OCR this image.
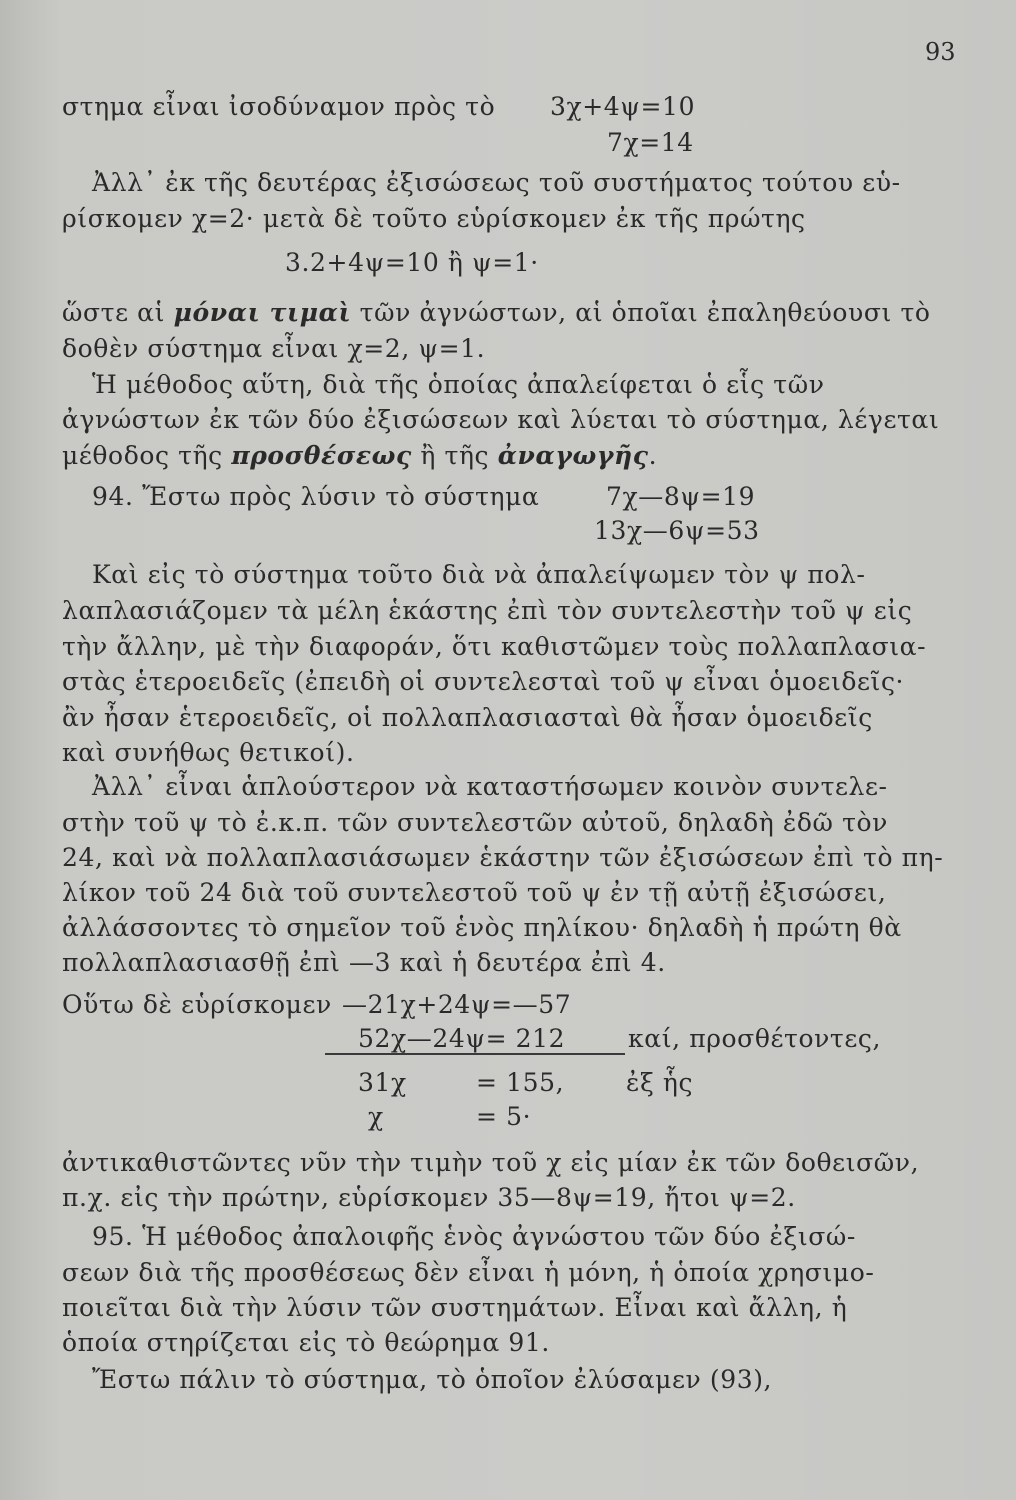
93
στημα εἶναι ἰσοδύναμον πρὸς τὸ 3χ+4ψ=10
7χ=14
Ἀλλ᾽ ἐκ τῆς δευτέρας ἐξισώσεως τοῦ συστήματος τούτου εὑ-
ρίσκομεν χ=2· μετὰ δὲ τοῦτο εὑρίσκομεν ἐκ τῆς πρώτης
3.2+4ψ=10 ἢ ψ=1·
ὥστε αἱ μόναι τιμαὶ τῶν ἀγνώστων, αἱ ὁποῖαι ἐπαληθεύουσι τὸ
δοθὲν σύστημα εἶναι χ=2, ψ=1.
Ἡ μέθοδος αὕτη, διὰ τῆς ὁποίας ἀπαλείφεται ὁ εἷς τῶν
ἀγνώστων ἐκ τῶν δύο ἐξισώσεων καὶ λύεται τὸ σύστημα, λέγεται
μέθοδος τῆς προσθέσεως ἢ τῆς ἀναγωγῆς.
94. Ἔστω πρὸς λύσιν τὸ σύστημα	7χ—8ψ=19
13χ—6ψ=53
Καὶ εἰς τὸ σύστημα τοῦτο διὰ νὰ ἀπαλείψωμεν τὸν ψ πολ-
λαπλασιάζομεν τὰ μέλη ἑκάστης ἐπὶ τὸν συντελεστὴν τοῦ ψ εἰς
τὴν ἄλλην, μὲ τὴν διαφοράν, ὅτι καθιστῶμεν τοὺς πολλαπλασια-
στὰς ἑτεροειδεῖς (ἐπειδὴ οἱ συντελεσταὶ τοῦ ψ εἶναι ὁμοειδεῖς·
ἂν ἦσαν ἑτεροειδεῖς, οἱ πολλαπλασιασταὶ θὰ ἦσαν ὁμοειδεῖς
καὶ συνήθως θετικοί).
Ἀλλ᾽ εἶναι ἁπλούστερον νὰ καταστήσωμεν κοινὸν συντελε-
στὴν τοῦ ψ τὸ ἐ.κ.π. τῶν συντελεστῶν αὐτοῦ, δηλαδὴ ἐδῶ τὸν
24, καὶ νὰ πολλαπλασιάσωμεν ἑκάστην τῶν ἐξισώσεων ἐπὶ τὸ πη-
λίκον τοῦ 24 διὰ τοῦ συντελεστοῦ τοῦ ψ ἐν τῇ αὐτῇ ἐξισώσει,
ἀλλάσσοντες τὸ σημεῖον τοῦ ἑνὸς πηλίκου· δηλαδὴ ἡ πρώτη θὰ
πολλαπλασιασθῇ ἐπὶ —3 καὶ ἡ δευτέρα ἐπὶ 4.
Οὕτω δὲ εὑρίσκομεν —21χ+24ψ=—57
52χ—24ψ= 212	καί, προσθέτοντες,
31χ	= 155, ἐξ ἧς
χ	= 5·
ἀντικαθιστῶντες νῦν τὴν τιμὴν τοῦ χ εἰς μίαν ἐκ τῶν δοθεισῶν,
π.χ. εἰς τὴν πρώτην, εὑρίσκομεν 35—8ψ=19, ἤτοι ψ=2.
95. Ἡ μέθοδος ἀπαλοιφῆς ἑνὸς ἀγνώστου τῶν δύο ἐξισώ-
σεων διὰ τῆς προσθέσεως δὲν εἶναι ἡ μόνη, ἡ ὁποία χρησιμο-
ποιεῖται διὰ τὴν λύσιν τῶν συστημάτων. Εἶναι καὶ ἄλλη, ἡ
ὁποία στηρίζεται εἰς τὸ θεώρημα 91.
Ἔστω πάλιν τὸ σύστημα, τὸ ὁποῖον ἐλύσαμεν (93),
